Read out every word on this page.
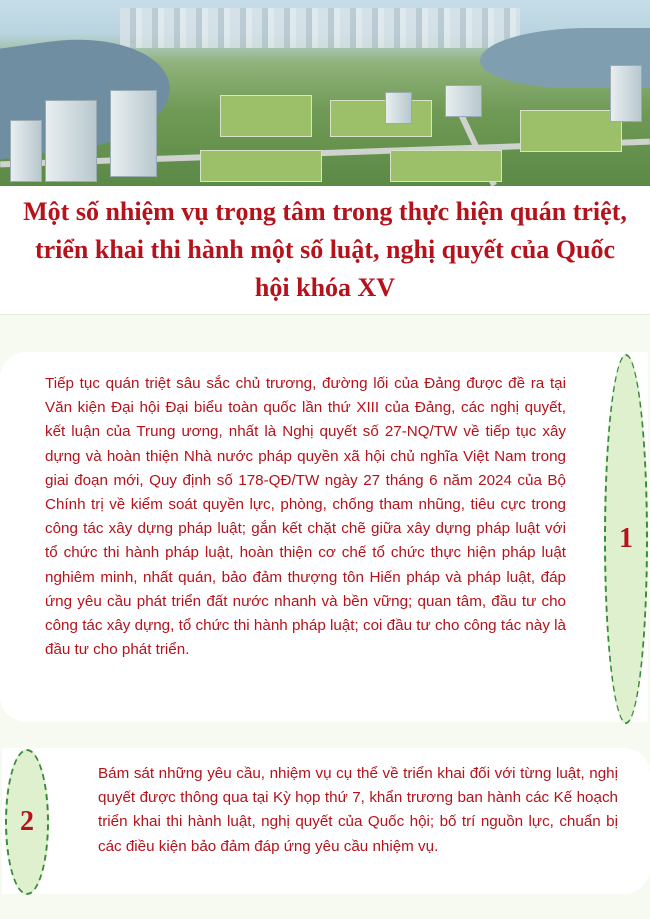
Một số nhiệm vụ trọng tâm trong thực hiện quán triệt, triển khai thi hành một số luật, nghị quyết của Quốc hội khóa XV

Tiếp tục quán triệt sâu sắc chủ trương, đường lối của Đảng được đề ra tại Văn kiện Đại hội Đại biểu toàn quốc lần thứ XIII của Đảng, các nghị quyết, kết luận của Trung ương, nhất là Nghị quyết số 27-NQ/TW về tiếp tục xây dựng và hoàn thiện Nhà nước pháp quyền xã hội chủ nghĩa Việt Nam trong giai đoạn mới, Quy định số 178-QĐ/TW ngày 27 tháng 6 năm 2024 của Bộ Chính trị về kiểm soát quyền lực, phòng, chống tham nhũng, tiêu cực trong công tác xây dựng pháp luật; gắn kết chặt chẽ giữa xây dựng pháp luật với tổ chức thi hành pháp luật, hoàn thiện cơ chế tổ chức thực hiện pháp luật nghiêm minh, nhất quán, bảo đảm thượng tôn Hiến pháp và pháp luật, đáp ứng yêu cầu phát triển đất nước nhanh và bền vững; quan tâm, đầu tư cho công tác xây dựng, tổ chức thi hành pháp luật; coi đầu tư cho công tác này là đầu tư cho phát triển.

1
2

Bám sát những yêu cầu, nhiệm vụ cụ thể về triển khai đối với từng luật, nghị quyết được thông qua tại Kỳ họp thứ 7, khẩn trương ban hành các Kế hoạch triển khai thi hành luật, nghị quyết của Quốc hội; bố trí nguồn lực, chuẩn bị các điều kiện bảo đảm đáp ứng yêu cầu nhiệm vụ.
